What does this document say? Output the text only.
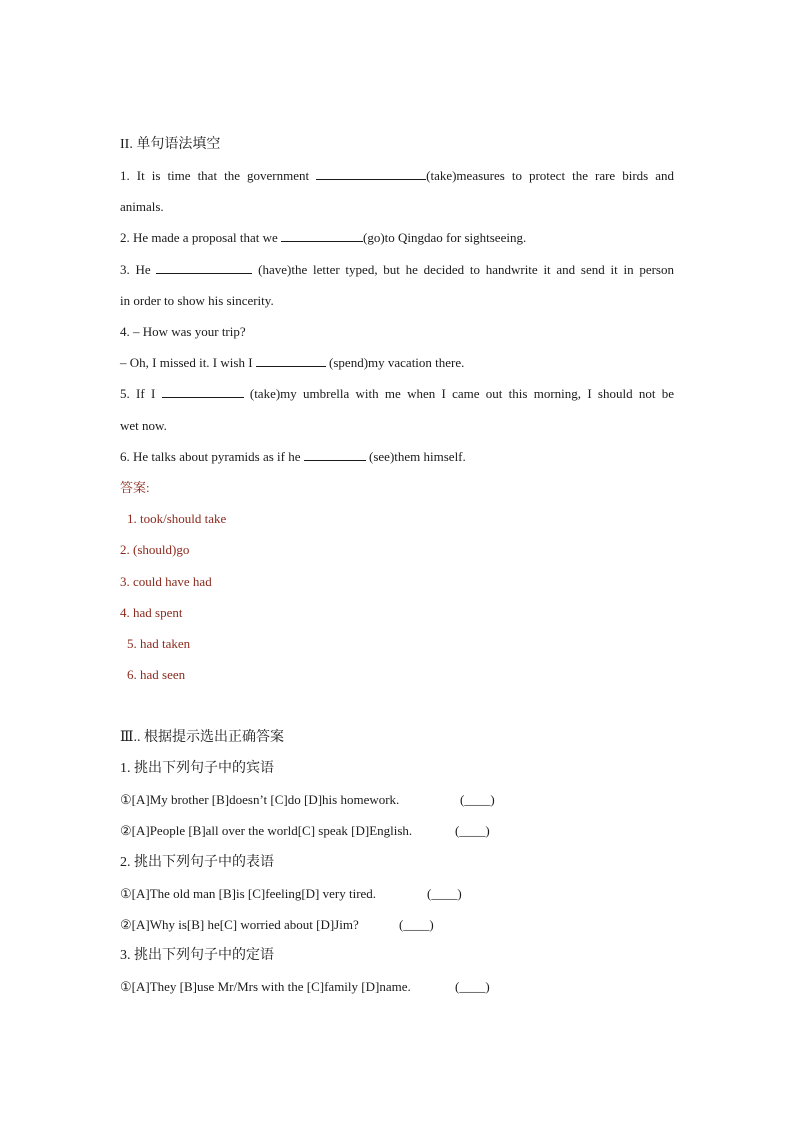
II. 单句语法填空
1. It is time that the government	(take)measures to protect the rare birds and
animals.
2. He made a proposal that we	(go)to Qingdao for sightseeing.
3. He	(have)the letter typed, but he decided to handwrite it and send it in person
in order to show his sincerity.
4. – How was your trip?
– Oh, I missed it. I wish I	(spend)my vacation there.
5. If I	(take)my umbrella with me when I came out this morning, I should not be
wet now.
6. He talks about pyramids as if he	(see)them himself.
答案:
1. took/should take
2. (should)go
3. could have had
4. had spent
5. had taken
6. had seen
Ⅲ.. 根据提示选出正确答案
1. 挑出下列句子中的宾语
①[A]My brother [B]doesn’t [C]do [D]his homework.	(____)
②[A]People [B]all over the world[C] speak [D]English.	(____)
2. 挑出下列句子中的表语
①[A]The old man [B]is [C]feeling[D] very tired.	(____)
②[A]Why is[B] he[C] worried about [D]Jim?	(____)
3. 挑出下列句子中的定语
①[A]They [B]use Mr/Mrs with the [C]family [D]name.	(____)
